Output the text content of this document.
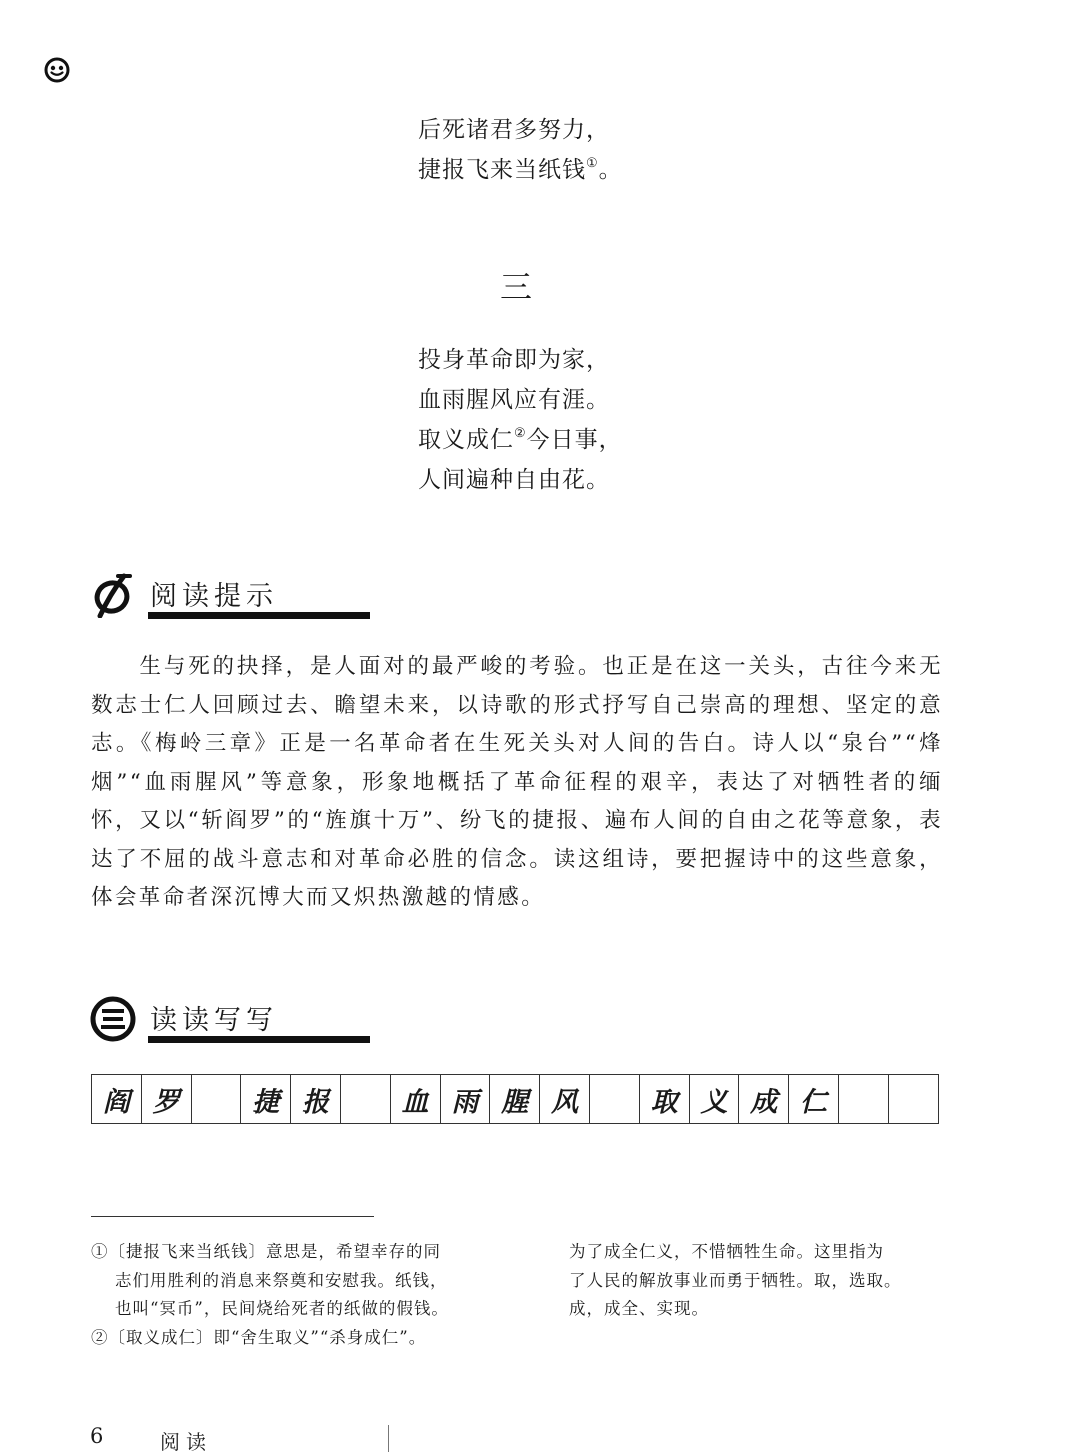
后死诸君多努力，
捷报飞来当纸钱①。
三
投身革命即为家，
血雨腥风应有涯。
取义成仁②今日事，
人间遍种自由花。
阅读提示
生与死的抉择，是人面对的最严峻的考验。也正是在这一关头，古往今来无数志士仁人回顾过去、瞻望未来，以诗歌的形式抒写自己崇高的理想、坚定的意志。《梅岭三章》正是一名革命者在生死关头对人间的告白。诗人以“泉台”“烽烟”“血雨腥风”等意象，形象地概括了革命征程的艰辛，表达了对牺牲者的缅怀，又以“斩阎罗”的“旌旗十万”、纷飞的捷报、遍布人间的自由之花等意象，表达了不屈的战斗意志和对革命必胜的信念。读这组诗，要把握诗中的这些意象，体会革命者深沉博大而又炽热激越的情感。
读读写写
阎	罗		捷	报		血	雨	腥	风		取	义	成	仁		
①〔捷报飞来当纸钱〕意思是，希望幸存的同
志们用胜利的消息来祭奠和安慰我。纸钱，
也叫“冥币”，民间烧给死者的纸做的假钱。
②〔取义成仁〕即“舍生取义”“杀身成仁”。
为了成全仁义，不惜牺牲生命。这里指为
了人民的解放事业而勇于牺牲。取，选取。
成，成全、实现。
6	阅读
